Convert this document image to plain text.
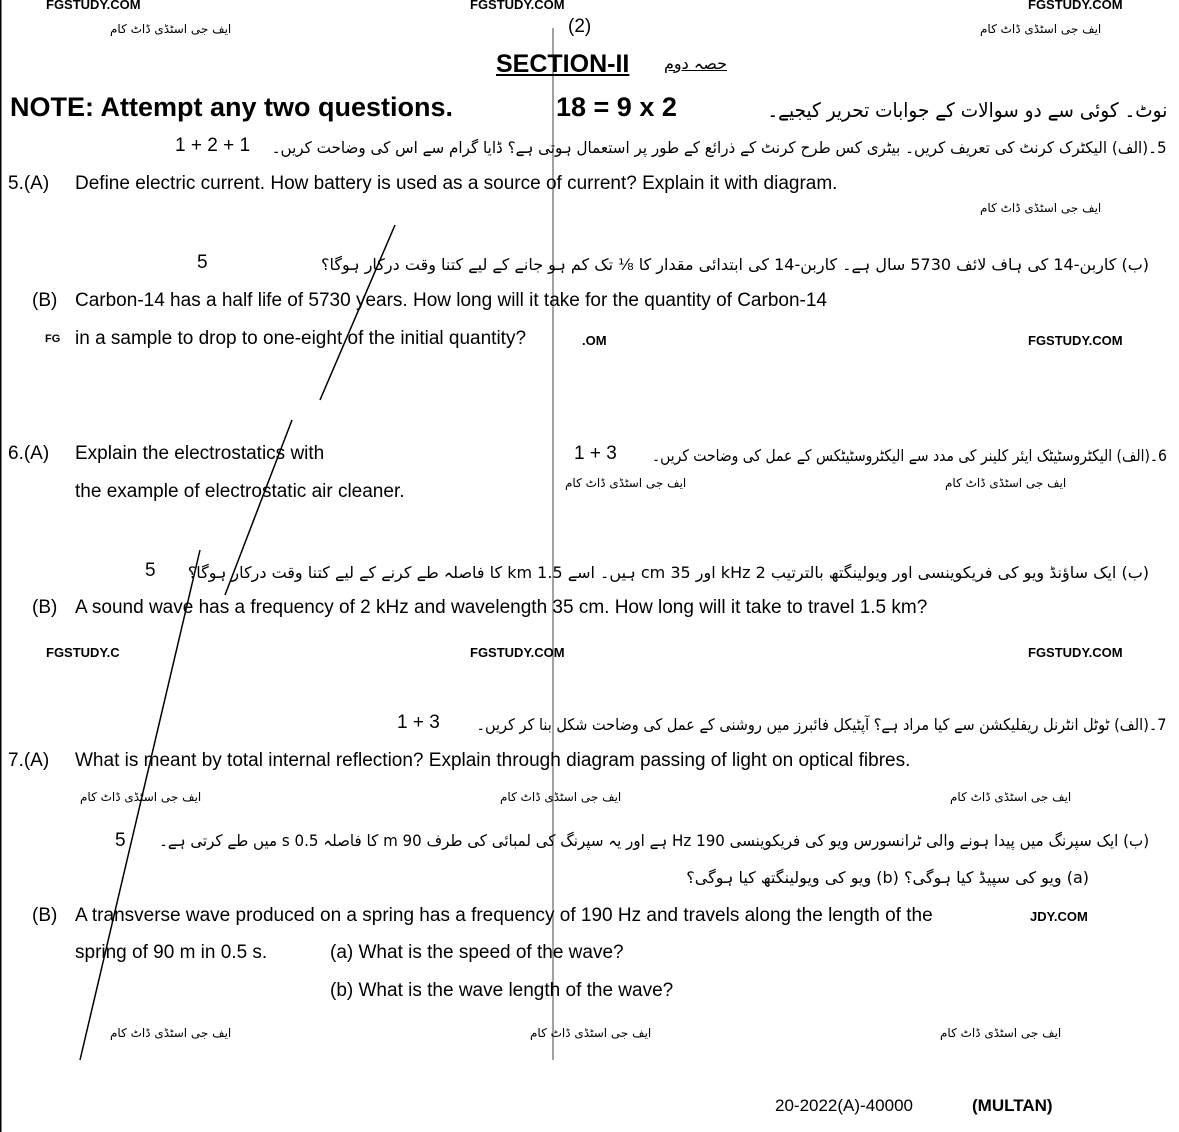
FGSTUDY.COM	FGSTUDY.COM	FGSTUDY.COM
ایف جی اسٹڈی ڈاٹ کام	ایف جی اسٹڈی ڈاٹ کام
(2)
SECTION-II حصہ دوم
NOTE: Attempt any two questions.	18 = 9 x 2	نوٹ۔ کوئی سے دو سوالات کے جوابات تحریر کیجیے۔
5۔(الف) الیکٹرک کرنٹ کی تعریف کریں۔ بیٹری کس طرح کرنٹ کے ذرائع کے طور پر استعمال ہوتی ہے؟ ڈایا گرام سے اس کی وضاحت کریں۔
1 + 2 + 1
5.(A) Define electric current. How battery is used as a source of current? Explain it with diagram.
ایف جی اسٹڈی ڈاٹ کام
(ب) کاربن-14 کی ہاف لائف 5730 سال ہے۔ کاربن-14 کی ابتدائی مقدار کا ⅛ تک کم ہو جانے کے لیے کتنا وقت درکار ہوگا؟
5
(B) Carbon-14 has a half life of 5730 years. How long will it take for the quantity of Carbon-14
FG in a sample to drop to one-eight of the initial quantity?	.OM	FGSTUDY.COM
6.(A) Explain the electrostatics with	1 + 3 6۔(الف) الیکٹروسٹیٹک ایئر کلینر کی مدد سے الیکٹروسٹیٹکس کے عمل کی وضاحت کریں۔
the example of electrostatic air cleaner.	ایف جی اسٹڈی ڈاٹ کام	ایف جی اسٹڈی ڈاٹ کام
(ب) ایک ساؤنڈ ویو کی فریکوینسی اور ویولینگتھ بالترتیب 2 kHz اور 35 cm ہیں۔ اسے 1.5 km کا فاصلہ طے کرنے کے لیے کتنا وقت درکار ہوگا؟
5
(B) A sound wave has a frequency of 2 kHz and wavelength 35 cm. How long will it take to travel 1.5 km?
FGSTUDY.C	FGSTUDY.COM	FGSTUDY.COM
7۔(الف) ٹوٹل انٹرنل ریفلیکشن سے کیا مراد ہے؟ آپٹیکل فائبرز میں روشنی کے عمل کی وضاحت شکل بنا کر کریں۔
1 + 3
7.(A) What is meant by total internal reflection? Explain through diagram passing of light on optical fibres.
ایف جی اسٹڈی ڈاٹ کام	ایف جی اسٹڈی ڈاٹ کام	ایف جی اسٹڈی ڈاٹ کام
(ب) ایک سپرنگ میں پیدا ہونے والی ٹرانسورس ویو کی فریکوینسی 190 Hz ہے اور یہ سپرنگ کی لمبائی کی طرف 90 m کا فاصلہ 0.5 s میں طے کرتی ہے۔
5
(a) ویو کی سپیڈ کیا ہوگی؟ (b) ویو کی ویولینگتھ کیا ہوگی؟
(B) A transverse wave produced on a spring has a frequency of 190 Hz and travels along the length of the	JDY.COM
spring of 90 m in 0.5 s.	(a) What is the speed of the wave?
(b) What is the wave length of the wave?
ایف جی اسٹڈی ڈاٹ کام	ایف جی اسٹڈی ڈاٹ کام	ایف جی اسٹڈی ڈاٹ کام
20-2022(A)-40000	(MULTAN)
